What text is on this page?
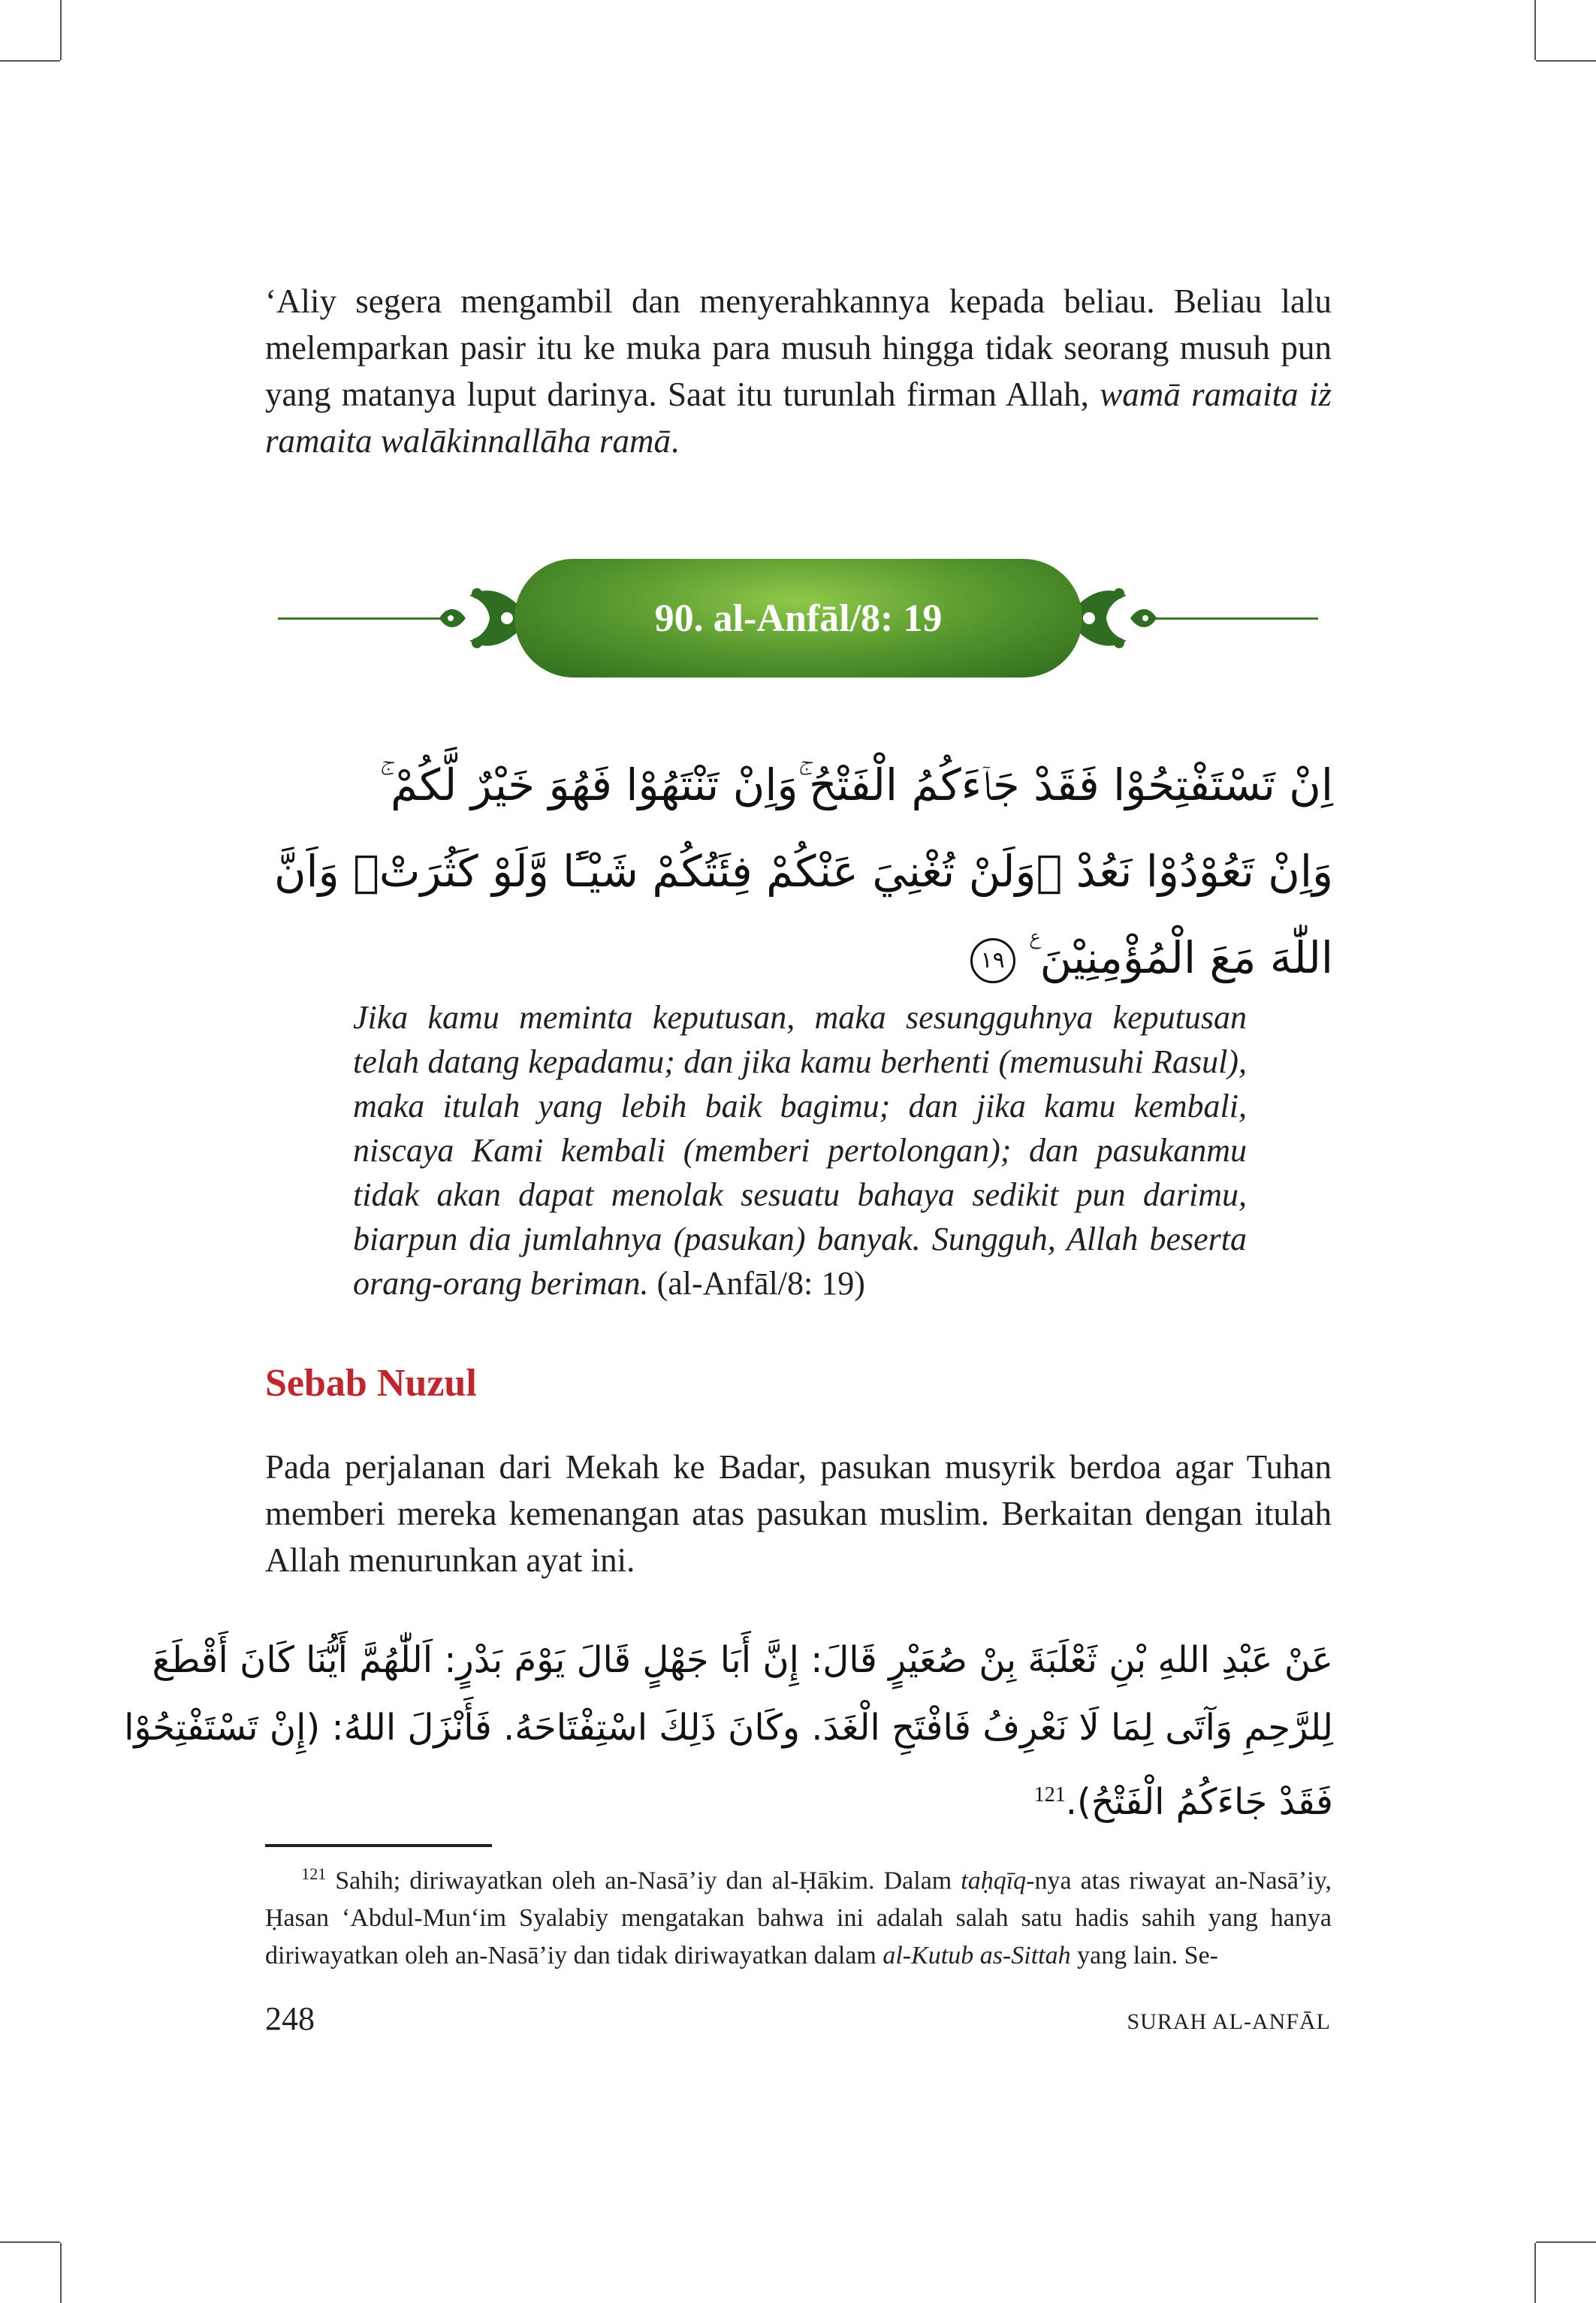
ʻAliy segera mengambil dan menyerahkannya kepada beliau. Beliau lalu melemparkan pasir itu ke muka para musuh hingga tidak seorang musuh pun yang matanya luput darinya. Saat itu turunlah firman Allah, wamā ramaita iż ramaita walākinnallāha ramā.

90. al-Anfāl/8: 19
اِنْ تَسْتَفْتِحُوْا فَقَدْ جَاۤءَكُمُ الْفَتْحُ ۚوَاِنْ تَنْتَهُوْا فَهُوَ خَيْرٌ لَّكُمْ ۚ
وَاِنْ تَعُوْدُوْا نَعُدْ ۚوَلَنْ تُغْنِيَ عَنْكُمْ فِئَتُكُمْ شَيْـًٔا وَّلَوْ كَثُرَتْۙ وَاَنَّ
اللّٰهَ مَعَ الْمُؤْمِنِيْنَ ࣖ ١٩

Jika kamu meminta keputusan, maka sesungguhnya keputusan telah datang kepadamu; dan jika kamu berhenti (memusuhi Rasul), maka itulah yang lebih baik bagimu; dan jika kamu kembali, niscaya Kami kembali (memberi pertolongan); dan pasukanmu tidak akan dapat menolak sesuatu bahaya sedikit pun darimu, biarpun dia jumlahnya (pasukan) banyak. Sungguh, Allah beserta orang-orang beriman. (al-Anfāl/8: 19)

Sebab Nuzul

Pada perjalanan dari Mekah ke Badar, pasukan musyrik berdoa agar Tuhan memberi mereka kemenangan atas pasukan muslim. Berkaitan dengan itulah Allah menurunkan ayat ini.

عَنْ عَبْدِ اللهِ بْنِ ثَعْلَبَةَ بِنْ صُعَيْرٍ قَالَ: إِنَّ أَبَا جَهْلٍ قَالَ يَوْمَ بَدْرٍ: اَللّٰهُمَّ أَيُّنَا كَانَ أَقْطَعَ
لِلرَّحِمِ وَآتَى لِمَا لَا نَعْرِفُ فَافْتَحِ الْغَدَ. وكَانَ ذَلِكَ اسْتِفْتَاحَهُ. فَأَنْزَلَ اللهُ: (إِنْ تَسْتَفْتِحُوْا
فَقَدْ جَاءَكُمُ الْفَتْحُ).$^{121}$

$^{121}$ Sahih; diriwayatkan oleh an-Nasāʼiy dan al-Ḥākim. Dalam taḥqīq-nya atas riwayat an-Nasāʼiy, Ḥasan ʻAbdul-Munʻim Syalabiy mengatakan bahwa ini adalah salah satu hadis sahih yang hanya diriwayatkan oleh an-Nasāʼiy dan tidak diriwayatkan dalam al-Kutub as-Sittah yang lain. Se-

248	SURAH AL-ANFĀL
